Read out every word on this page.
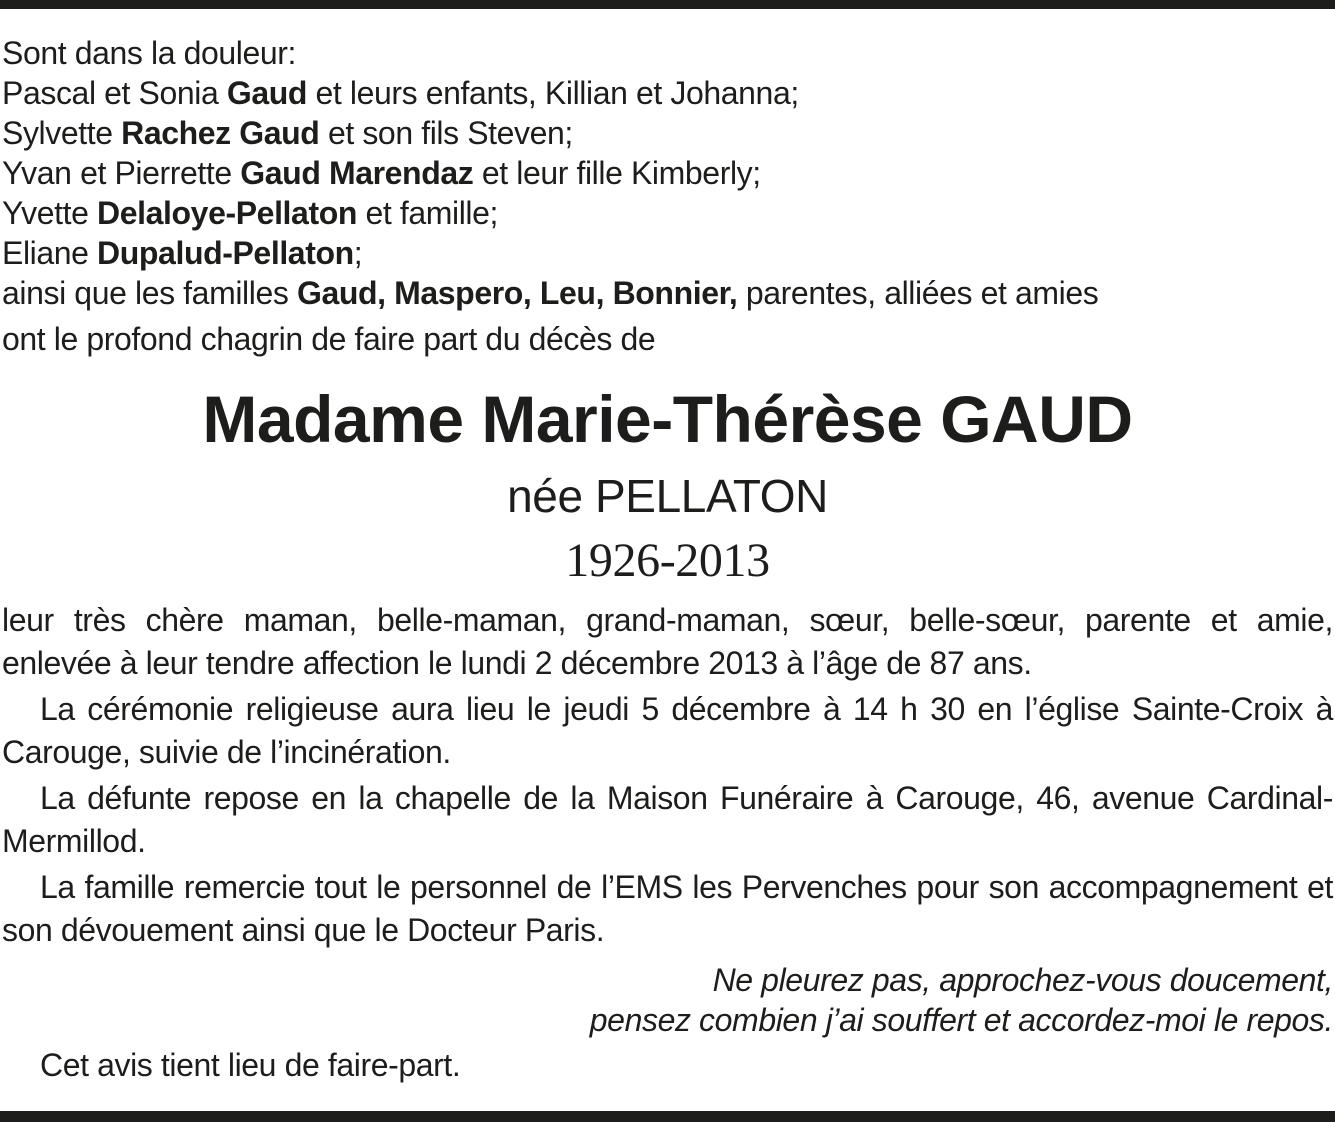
Sont dans la douleur:
Pascal et Sonia Gaud et leurs enfants, Killian et Johanna;
Sylvette Rachez Gaud et son fils Steven;
Yvan et Pierrette Gaud Marendaz et leur fille Kimberly;
Yvette Delaloye-Pellaton et famille;
Eliane Dupalud-Pellaton;
ainsi que les familles Gaud, Maspero, Leu, Bonnier, parentes, alliées et amies
ont le profond chagrin de faire part du décès de
Madame Marie-Thérèse GAUD
née PELLATON
1926-2013

leur très chère maman, belle-maman, grand-maman, sœur, belle-sœur, parente et amie, enlevée à leur tendre affection le lundi 2 décembre 2013 à l’âge de 87 ans.

La cérémonie religieuse aura lieu le jeudi 5 décembre à 14 h 30 en l’église Sainte-Croix à Carouge, suivie de l’incinération.

La défunte repose en la chapelle de la Maison Funéraire à Carouge, 46, avenue Cardinal-Mermillod.

La famille remercie tout le personnel de l’EMS les Pervenches pour son accompagnement et son dévouement ainsi que le Docteur Paris.

Ne pleurez pas, approchez-vous doucement,
pensez combien j’ai souffert et accordez-moi le repos.
Cet avis tient lieu de faire-part.
